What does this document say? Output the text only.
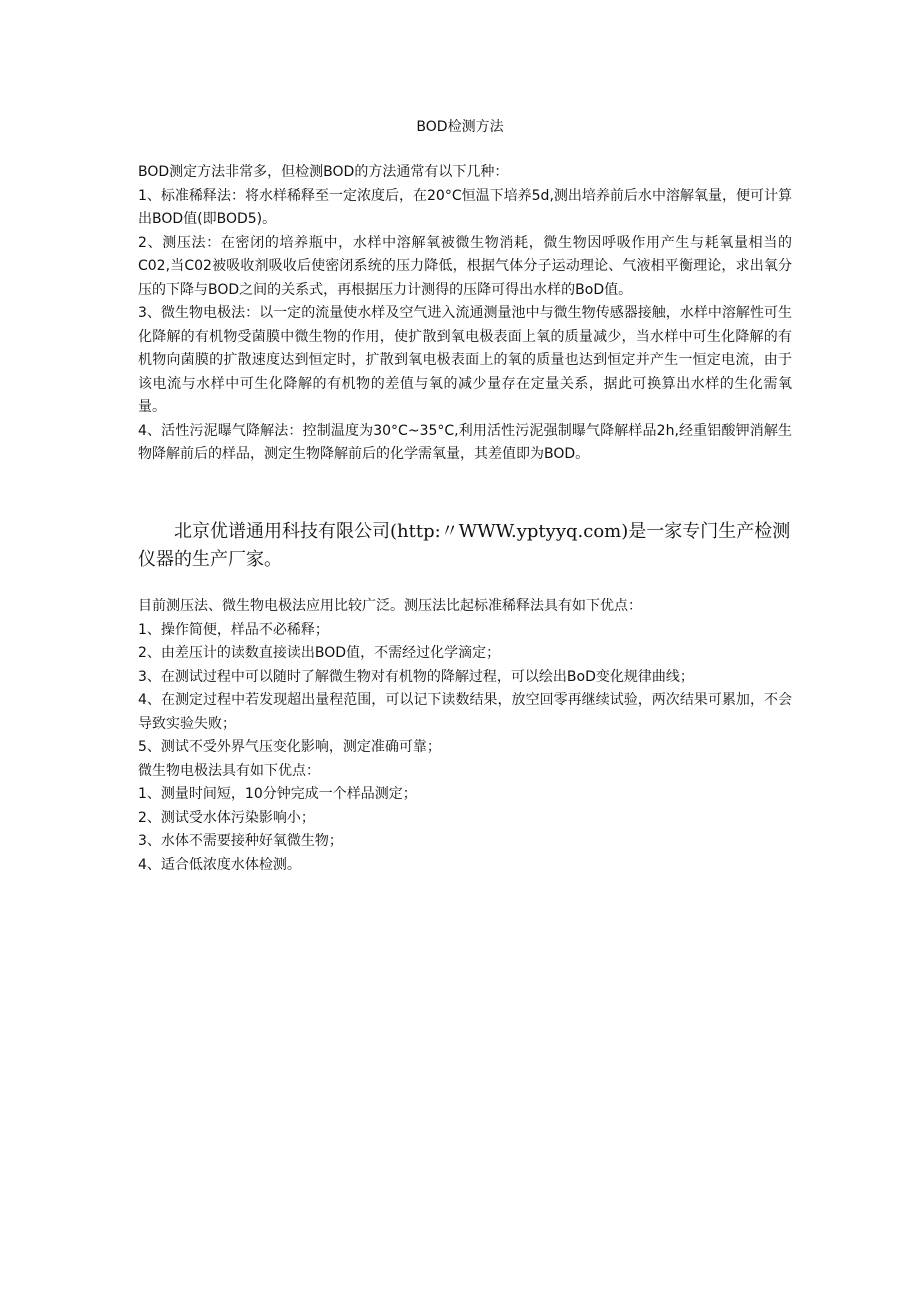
BOD检测方法

BOD测定方法非常多，但检测BOD的方法通常有以下几种：

1、标准稀释法：将水样稀释至一定浓度后，在20°C恒温下培养5d,测出培养前后水中溶解氧量，便可计算出BOD值(即BOD5)。

2、测压法：在密闭的培养瓶中，水样中溶解氧被微生物消耗，微生物因呼吸作用产生与耗氧量相当的C02,当C02被吸收剂吸收后使密闭系统的压力降低，根据气体分子运动理论、气液相平衡理论，求出氧分压的下降与BOD之间的关系式，再根据压力计测得的压降可得出水样的BoD值。

3、微生物电极法：以一定的流量使水样及空气进入流通测量池中与微生物传感器接触，水样中溶解性可生化降解的有机物受菌膜中微生物的作用，使扩散到氧电极表面上氧的质量减少，当水样中可生化降解的有机物向菌膜的扩散速度达到恒定时，扩散到氧电极表面上的氧的质量也达到恒定并产生一恒定电流，由于该电流与水样中可生化降解的有机物的差值与氧的减少量存在定量关系，据此可换算出水样的生化需氧量。

4、活性污泥曝气降解法：控制温度为30°C~35°C,利用活性污泥强制曝气降解样品2h,经重铝酸钾消解生物降解前后的样品，测定生物降解前后的化学需氧量，其差值即为BOD。

北京优谱通用科技有限公司(http:〃WWW.yptyyq.com)是一家专门生产检测仪器的生产厂家。

目前测压法、微生物电极法应用比较广泛。测压法比起标准稀释法具有如下优点：

1、操作简便，样品不必稀释；

2、由差压计的读数直接读出BOD值，不需经过化学滴定；

3、在测试过程中可以随时了解微生物对有机物的降解过程，可以绘出BoD变化规律曲线；

4、在测定过程中若发现超出量程范围，可以记下读数结果，放空回零再继续试验，两次结果可累加，不会导致实验失败；

5、测试不受外界气压变化影响，测定准确可靠；

微生物电极法具有如下优点：

1、测量时间短，10分钟完成一个样品测定；

2、测试受水体污染影响小；

3、水体不需要接种好氧微生物；

4、适合低浓度水体检测。
